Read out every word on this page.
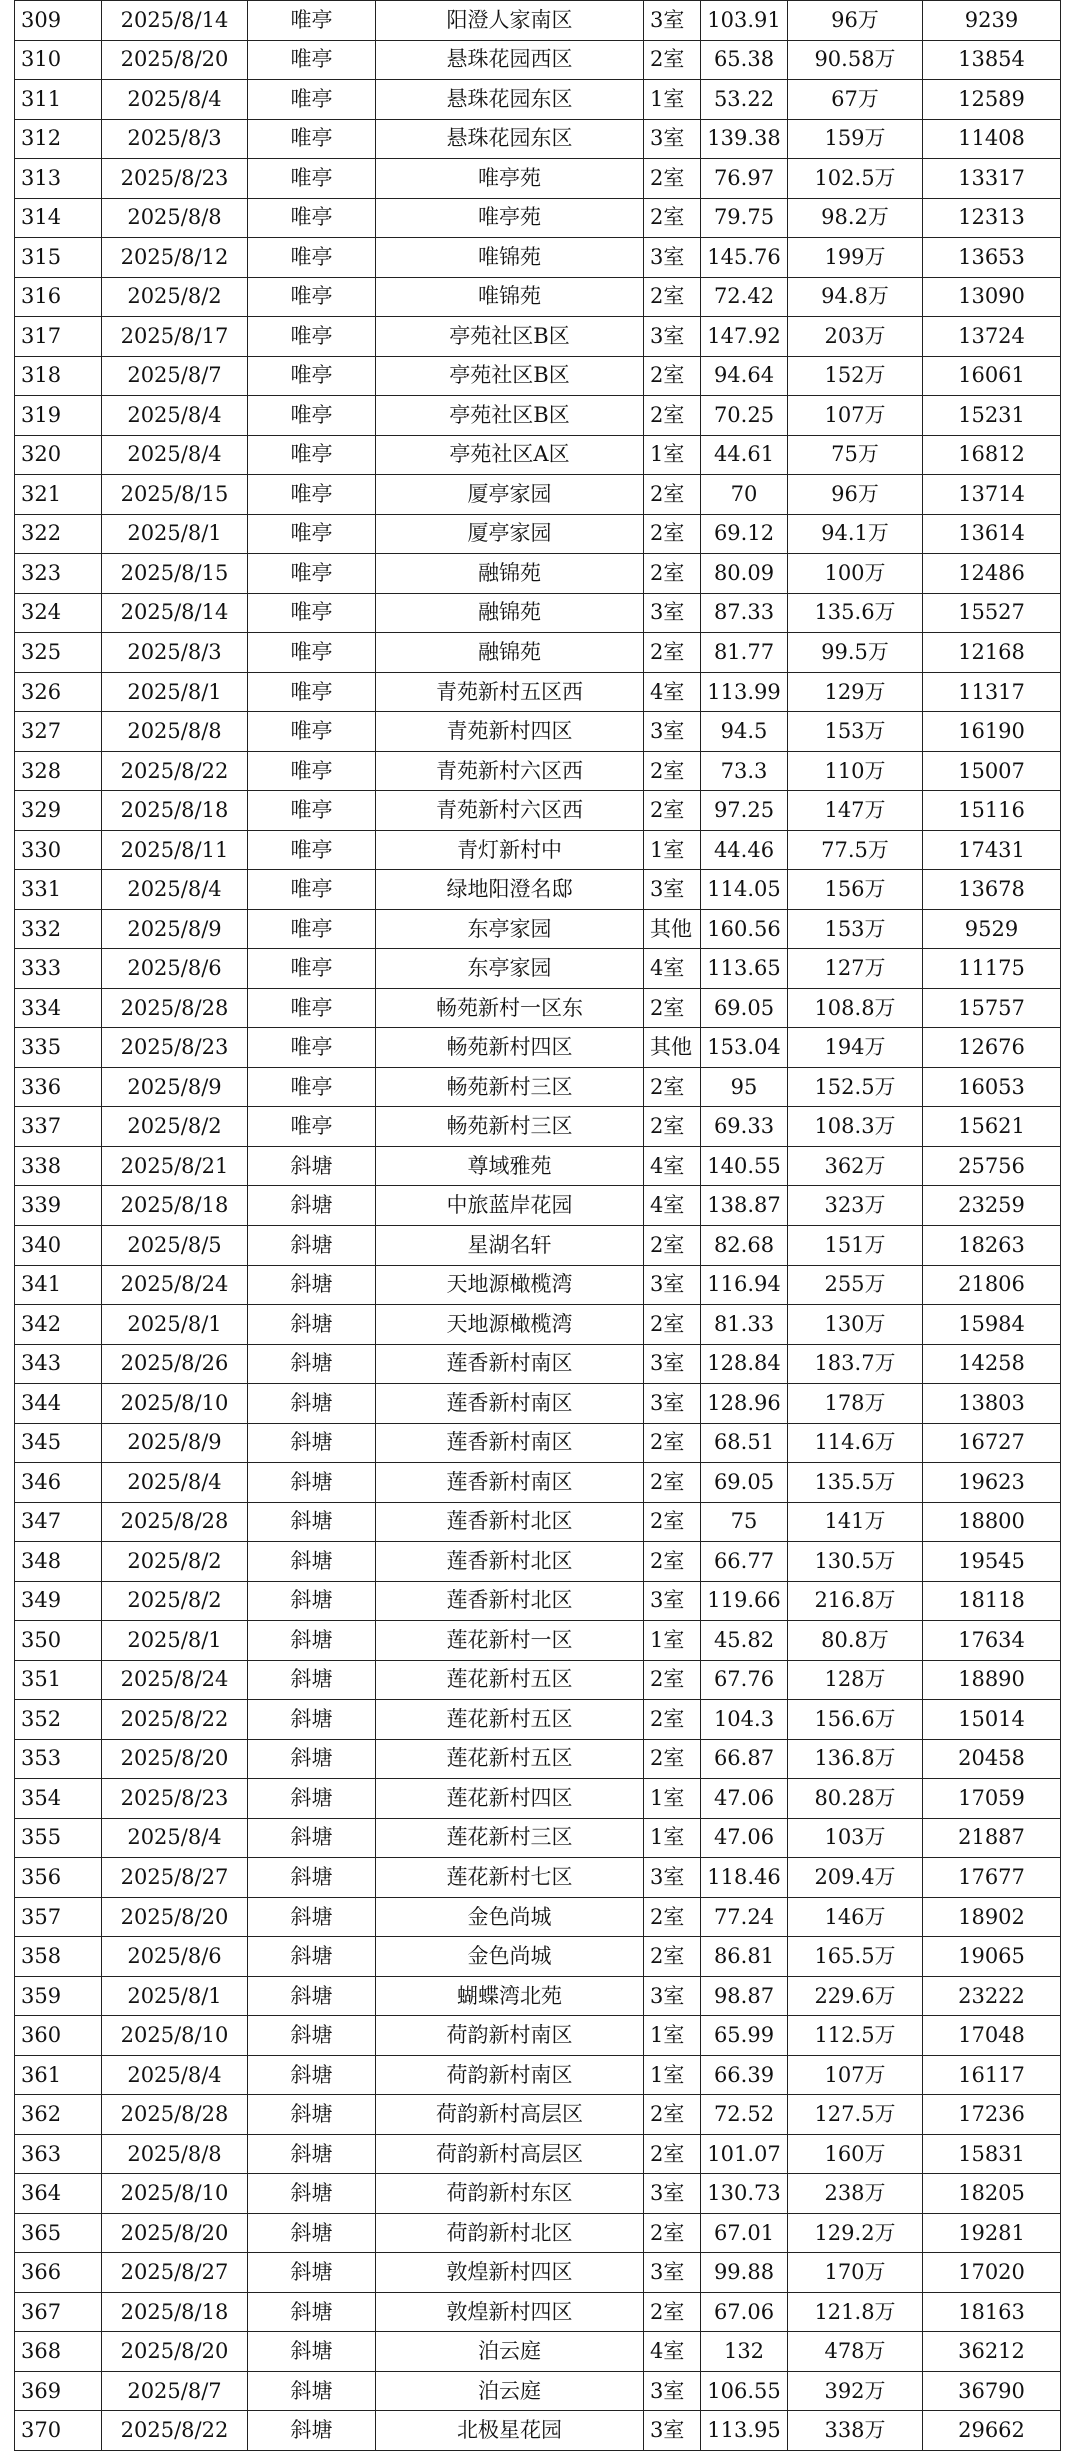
309	2025/8/14	唯亭	阳澄人家南区	3室	103.91	96万	9239
310	2025/8/20	唯亭	悬珠花园西区	2室	65.38	90.58万	13854
311	2025/8/4	唯亭	悬珠花园东区	1室	53.22	67万	12589
312	2025/8/3	唯亭	悬珠花园东区	3室	139.38	159万	11408
313	2025/8/23	唯亭	唯亭苑	2室	76.97	102.5万	13317
314	2025/8/8	唯亭	唯亭苑	2室	79.75	98.2万	12313
315	2025/8/12	唯亭	唯锦苑	3室	145.76	199万	13653
316	2025/8/2	唯亭	唯锦苑	2室	72.42	94.8万	13090
317	2025/8/17	唯亭	亭苑社区B区	3室	147.92	203万	13724
318	2025/8/7	唯亭	亭苑社区B区	2室	94.64	152万	16061
319	2025/8/4	唯亭	亭苑社区B区	2室	70.25	107万	15231
320	2025/8/4	唯亭	亭苑社区A区	1室	44.61	75万	16812
321	2025/8/15	唯亭	厦亭家园	2室	70	96万	13714
322	2025/8/1	唯亭	厦亭家园	2室	69.12	94.1万	13614
323	2025/8/15	唯亭	融锦苑	2室	80.09	100万	12486
324	2025/8/14	唯亭	融锦苑	3室	87.33	135.6万	15527
325	2025/8/3	唯亭	融锦苑	2室	81.77	99.5万	12168
326	2025/8/1	唯亭	青苑新村五区西	4室	113.99	129万	11317
327	2025/8/8	唯亭	青苑新村四区	3室	94.5	153万	16190
328	2025/8/22	唯亭	青苑新村六区西	2室	73.3	110万	15007
329	2025/8/18	唯亭	青苑新村六区西	2室	97.25	147万	15116
330	2025/8/11	唯亭	青灯新村中	1室	44.46	77.5万	17431
331	2025/8/4	唯亭	绿地阳澄名邸	3室	114.05	156万	13678
332	2025/8/9	唯亭	东亭家园	其他	160.56	153万	9529
333	2025/8/6	唯亭	东亭家园	4室	113.65	127万	11175
334	2025/8/28	唯亭	畅苑新村一区东	2室	69.05	108.8万	15757
335	2025/8/23	唯亭	畅苑新村四区	其他	153.04	194万	12676
336	2025/8/9	唯亭	畅苑新村三区	2室	95	152.5万	16053
337	2025/8/2	唯亭	畅苑新村三区	2室	69.33	108.3万	15621
338	2025/8/21	斜塘	尊域雅苑	4室	140.55	362万	25756
339	2025/8/18	斜塘	中旅蓝岸花园	4室	138.87	323万	23259
340	2025/8/5	斜塘	星湖名轩	2室	82.68	151万	18263
341	2025/8/24	斜塘	天地源橄榄湾	3室	116.94	255万	21806
342	2025/8/1	斜塘	天地源橄榄湾	2室	81.33	130万	15984
343	2025/8/26	斜塘	莲香新村南区	3室	128.84	183.7万	14258
344	2025/8/10	斜塘	莲香新村南区	3室	128.96	178万	13803
345	2025/8/9	斜塘	莲香新村南区	2室	68.51	114.6万	16727
346	2025/8/4	斜塘	莲香新村南区	2室	69.05	135.5万	19623
347	2025/8/28	斜塘	莲香新村北区	2室	75	141万	18800
348	2025/8/2	斜塘	莲香新村北区	2室	66.77	130.5万	19545
349	2025/8/2	斜塘	莲香新村北区	3室	119.66	216.8万	18118
350	2025/8/1	斜塘	莲花新村一区	1室	45.82	80.8万	17634
351	2025/8/24	斜塘	莲花新村五区	2室	67.76	128万	18890
352	2025/8/22	斜塘	莲花新村五区	2室	104.3	156.6万	15014
353	2025/8/20	斜塘	莲花新村五区	2室	66.87	136.8万	20458
354	2025/8/23	斜塘	莲花新村四区	1室	47.06	80.28万	17059
355	2025/8/4	斜塘	莲花新村三区	1室	47.06	103万	21887
356	2025/8/27	斜塘	莲花新村七区	3室	118.46	209.4万	17677
357	2025/8/20	斜塘	金色尚城	2室	77.24	146万	18902
358	2025/8/6	斜塘	金色尚城	2室	86.81	165.5万	19065
359	2025/8/1	斜塘	蝴蝶湾北苑	3室	98.87	229.6万	23222
360	2025/8/10	斜塘	荷韵新村南区	1室	65.99	112.5万	17048
361	2025/8/4	斜塘	荷韵新村南区	1室	66.39	107万	16117
362	2025/8/28	斜塘	荷韵新村高层区	2室	72.52	127.5万	17236
363	2025/8/8	斜塘	荷韵新村高层区	2室	101.07	160万	15831
364	2025/8/10	斜塘	荷韵新村东区	3室	130.73	238万	18205
365	2025/8/20	斜塘	荷韵新村北区	2室	67.01	129.2万	19281
366	2025/8/27	斜塘	敦煌新村四区	3室	99.88	170万	17020
367	2025/8/18	斜塘	敦煌新村四区	2室	67.06	121.8万	18163
368	2025/8/20	斜塘	泊云庭	4室	132	478万	36212
369	2025/8/7	斜塘	泊云庭	3室	106.55	392万	36790
370	2025/8/22	斜塘	北极星花园	3室	113.95	338万	29662
